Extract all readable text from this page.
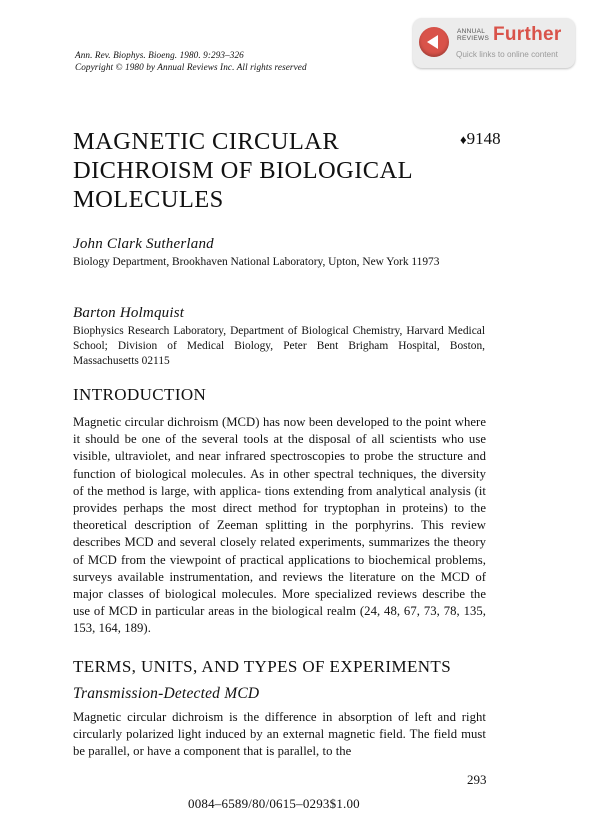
Ann. Rev. Biophys. Bioeng. 1980. 9:293–326
Copyright © 1980 by Annual Reviews Inc. All rights reserved
ANNUAL
REVIEWS Further
Quick links to online content
MAGNETIC CIRCULAR
DICHROISM OF BIOLOGICAL
MOLECULES
♦9148
John Clark Sutherland
Biology Department, Brookhaven National Laboratory, Upton, New York 11973
Barton Holmquist
Biophysics Research Laboratory, Department of Biological Chemistry, Harvard Medical School; Division of Medical Biology, Peter Bent Brigham Hospital, Boston, Massachusetts 02115
INTRODUCTION
Magnetic circular dichroism (MCD) has now been developed to the point where it should be one of the several tools at the disposal of all scientists who use visible, ultraviolet, and near infrared spectroscopies to probe the structure and function of biological molecules. As in other spectral techniques, the diversity of the method is large, with applica- tions extending from analytical analysis (it provides perhaps the most direct method for tryptophan in proteins) to the theoretical description of Zeeman splitting in the porphyrins. This review describes MCD and several closely related experiments, summarizes the theory of MCD from the viewpoint of practical applications to biochemical problems, surveys available instrumentation, and reviews the literature on the MCD of major classes of biological molecules. More specialized reviews describe the use of MCD in particular areas in the biological realm (24, 48, 67, 73, 78, 135, 153, 164, 189).
TERMS, UNITS, AND TYPES OF EXPERIMENTS
Transmission-Detected MCD
Magnetic circular dichroism is the difference in absorption of left and right circularly polarized light induced by an external magnetic field. The field must be parallel, or have a component that is parallel, to the
293
0084–6589/80/0615–0293$1.00
